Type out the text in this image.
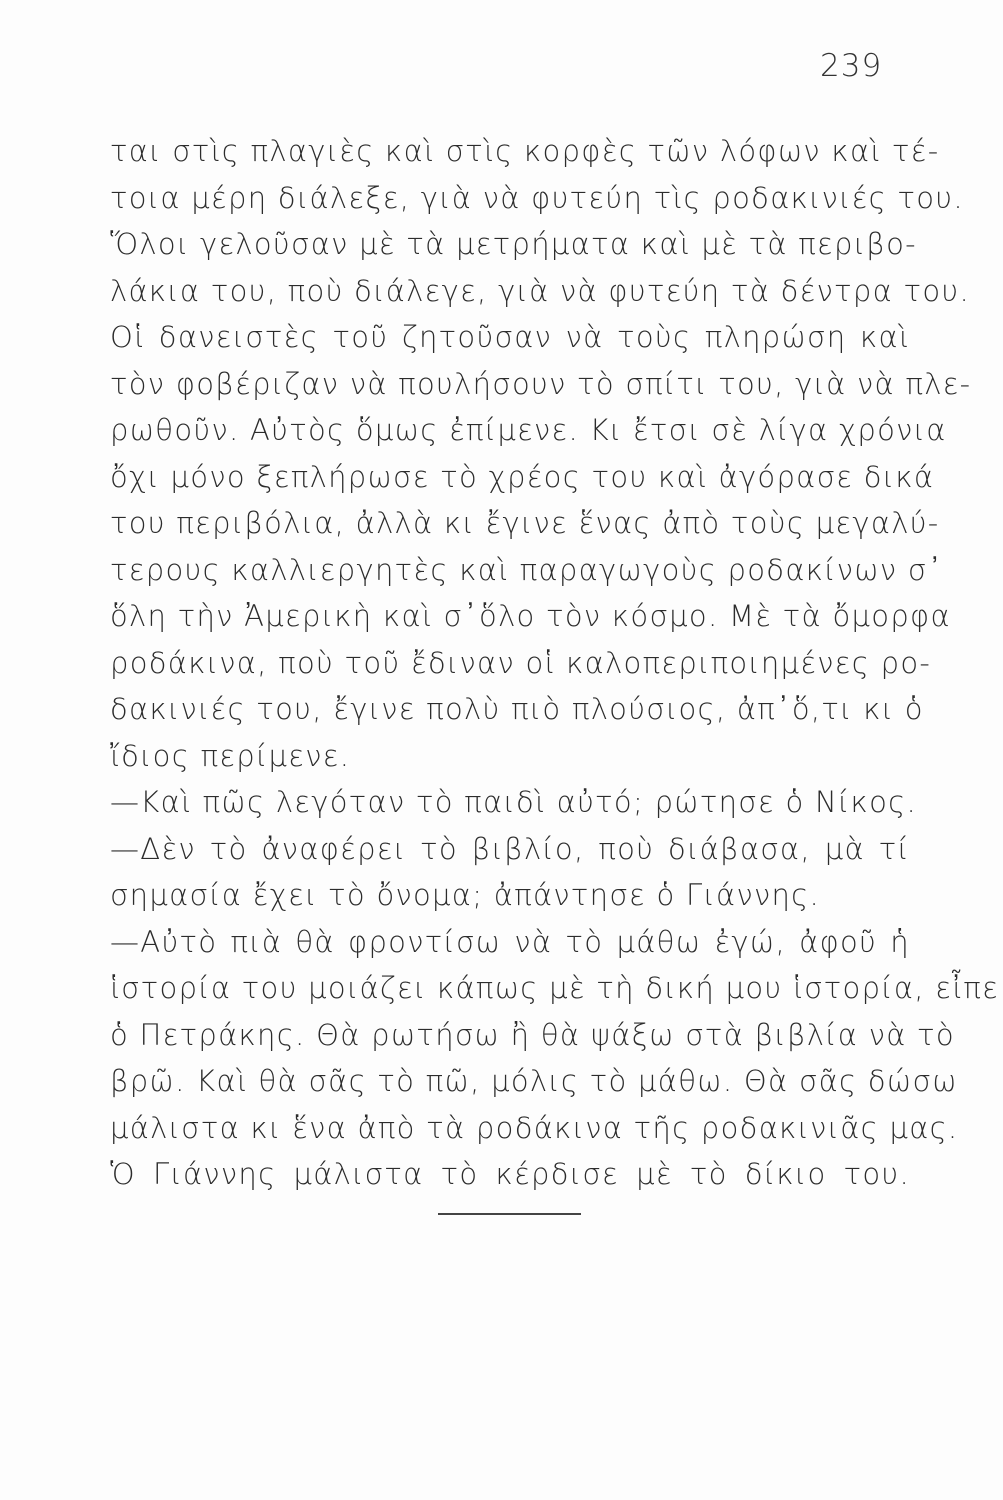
239
ται στὶς πλαγιὲς καὶ στὶς κορφὲς τῶν λόφων καὶ τέ-
τοια μέρη διάλεξε, γιὰ νὰ φυτεύη τὶς ροδακινιές του.
Ὅλοι γελοῦσαν μὲ τὰ μετρήματα καὶ μὲ τὰ περιβο-
λάκια του, ποὺ διάλεγε, γιὰ νὰ φυτεύη τὰ δέντρα του.
Οἱ δανειστὲς τοῦ ζητοῦσαν νὰ τοὺς πληρώση καὶ
τὸν φοβέριζαν νὰ πουλήσουν τὸ σπίτι του, γιὰ νὰ πλε-
ρωθοῦν. Αὐτὸς ὅμως ἐπίμενε. Κι ἔτσι σὲ λίγα χρόνια
ὄχι μόνο ξεπλήρωσε τὸ χρέος του καὶ ἀγόρασε δικά
του περιβόλια, ἀλλὰ κι ἔγινε ἕνας ἀπὸ τοὺς μεγαλύ-
τερους καλλιεργητὲς καὶ παραγωγοὺς ροδακίνων σ᾽
ὅλη τὴν Ἀμερικὴ καὶ σ᾽ὅλο τὸν κόσμο. Μὲ τὰ ὄμορφα
ροδάκινα, ποὺ τοῦ ἔδιναν οἱ καλοπεριποιημένες ρο-
δακινιές του, ἔγινε πολὺ πιὸ πλούσιος, ἀπ᾽ὅ,τι κι ὁ
ἴδιος περίμενε.
—Καὶ πῶς λεγόταν τὸ παιδὶ αὐτό; ρώτησε ὁ Νίκος.
—Δὲν τὸ ἀναφέρει τὸ βιβλίο, ποὺ διάβασα, μὰ τί
σημασία ἔχει τὸ ὄνομα; ἀπάντησε ὁ Γιάννης.
—Αὐτὸ πιὰ θὰ φροντίσω νὰ τὸ μάθω ἐγώ, ἀφοῦ ἡ
ἱστορία του μοιάζει κάπως μὲ τὴ δική μου ἱστορία, εἶπε
ὁ Πετράκης. Θὰ ρωτήσω ἢ θὰ ψάξω στὰ βιβλία νὰ τὸ
βρῶ. Καὶ θὰ σᾶς τὸ πῶ, μόλις τὸ μάθω. Θὰ σᾶς δώσω
μάλιστα κι ἕνα ἀπὸ τὰ ροδάκινα τῆς ροδακινιᾶς μας.
Ὁ Γιάννης μάλιστα τὸ κέρδισε μὲ τὸ δίκιο του.
